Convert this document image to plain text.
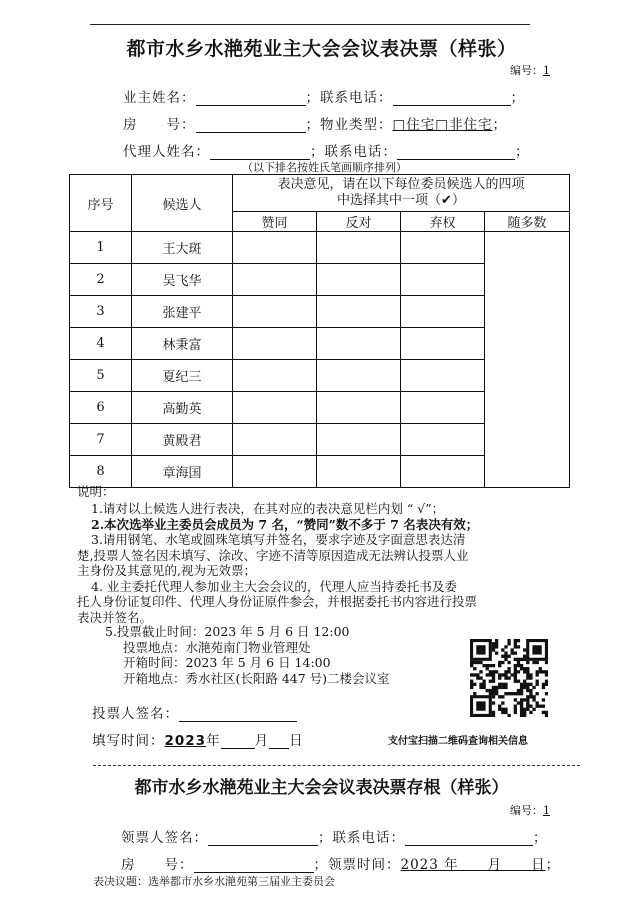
都市水乡水滟苑业主大会会议表决票（样张）
编号：1
业主姓名：	；联系电话：	；
房　　号：	；物业类型：□住宅□非住宅；
代理人姓名：	；联系电话：	；
（以下排名按姓氏笔画顺序排列）
序号	候选人	表决意见，请在以下每位委员候选人的四项
中选择其中一项（✔）			

		赞同	反对	弃权	随多数
1	王大斑				
2	吴飞华				
3	张建平				
4	林秉富				
5	夏纪三				
6	高勤英				
7	黄殿君				
8	章海国				
说明：

1.请对以上候选人进行表决，在其对应的表决意见栏内划 “ √”；

2.本次选举业主委员会成员为 7 名，“赞同”数不多于 7 名表决有效；

3.请用钢笔、水笔或圆珠笔填写并签名，要求字迹及字面意思表达清

楚,投票人签名因未填写、涂改、字迹不清等原因造成无法辨认投票人业

主身份及其意见的,视为无效票；

4. 业主委托代理人参加业主大会会议的，代理人应当持委托书及委

托人身份证复印件、代理人身份证原件参会，并根据委托书内容进行投票

表决并签名。

5.投票截止时间：2023 年 5 月 6 日 12:00

投票地点：水滟苑南门物业管理处

开箱时间：2023 年 5 月 6 日 14:00

开箱地点：秀水社区(长阳路 447 号)二楼会议室

投票人签名：
填写时间：2023年	月 日	支付宝扫描二维码查询相关信息
都市水乡水滟苑业主大会会议表决票存根（样张）
编号：1
领票人签名：	；联系电话：	；
房　　号：	；领票时间：2023 年　　月　　日；
表决议题：选举都市水乡水滟苑第三届业主委员会
